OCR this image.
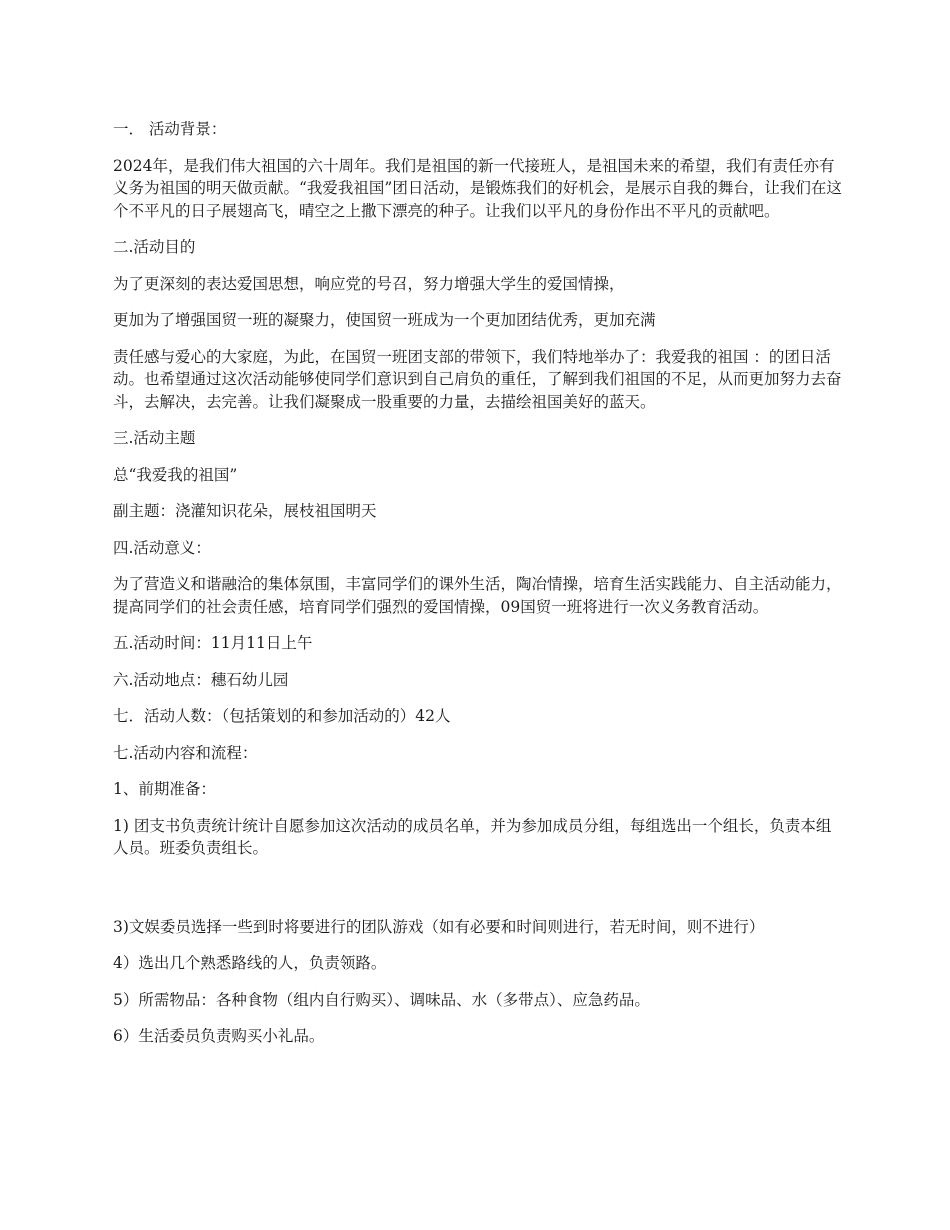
一． 活动背景：

2024年，是我们伟大祖国的六十周年。我们是祖国的新一代接班人，是祖国未来的希望，我们有责任亦有义务为祖国的明天做贡献。“我爱我祖国”团日活动，是锻炼我们的好机会，是展示自我的舞台，让我们在这个不平凡的日子展翅高飞，晴空之上撒下漂亮的种子。让我们以平凡的身份作出不平凡的贡献吧。

二.活动目的

为了更深刻的表达爱国思想，响应党的号召，努力增强大学生的爱国情操，

更加为了增强国贸一班的凝聚力，使国贸一班成为一个更加团结优秀，更加充满

责任感与爱心的大家庭，为此，在国贸一班团支部的带领下，我们特地举办了：我爱我的祖国 ：的团日活动。也希望通过这次活动能够使同学们意识到自己肩负的重任，了解到我们祖国的不足，从而更加努力去奋斗，去解决，去完善。让我们凝聚成一股重要的力量，去描绘祖国美好的蓝天。

三.活动主题

总“我爱我的祖国”

副主题：浇灌知识花朵，展枝祖国明天

四.活动意义：

为了营造义和谐融洽的集体氛围，丰富同学们的课外生活，陶冶情操，培育生活实践能力、自主活动能力，提高同学们的社会责任感，培育同学们强烈的爱国情操，09国贸一班将进行一次义务教育活动。

五.活动时间：11月11日上午

六.活动地点：穗石幼儿园

七．活动人数：（包括策划的和参加活动的）42人

七.活动内容和流程：

1、前期准备：

1) 团支书负责统计统计自愿参加这次活动的成员名单，并为参加成员分组，每组选出一个组长，负责本组人员。班委负责组长。

3)文娱委员选择一些到时将要进行的团队游戏（如有必要和时间则进行，若无时间，则不进行）

4）选出几个熟悉路线的人，负责领路。

5）所需物品：各种食物（组内自行购买）、调味品、水（多带点）、应急药品。

6）生活委员负责购买小礼品。
